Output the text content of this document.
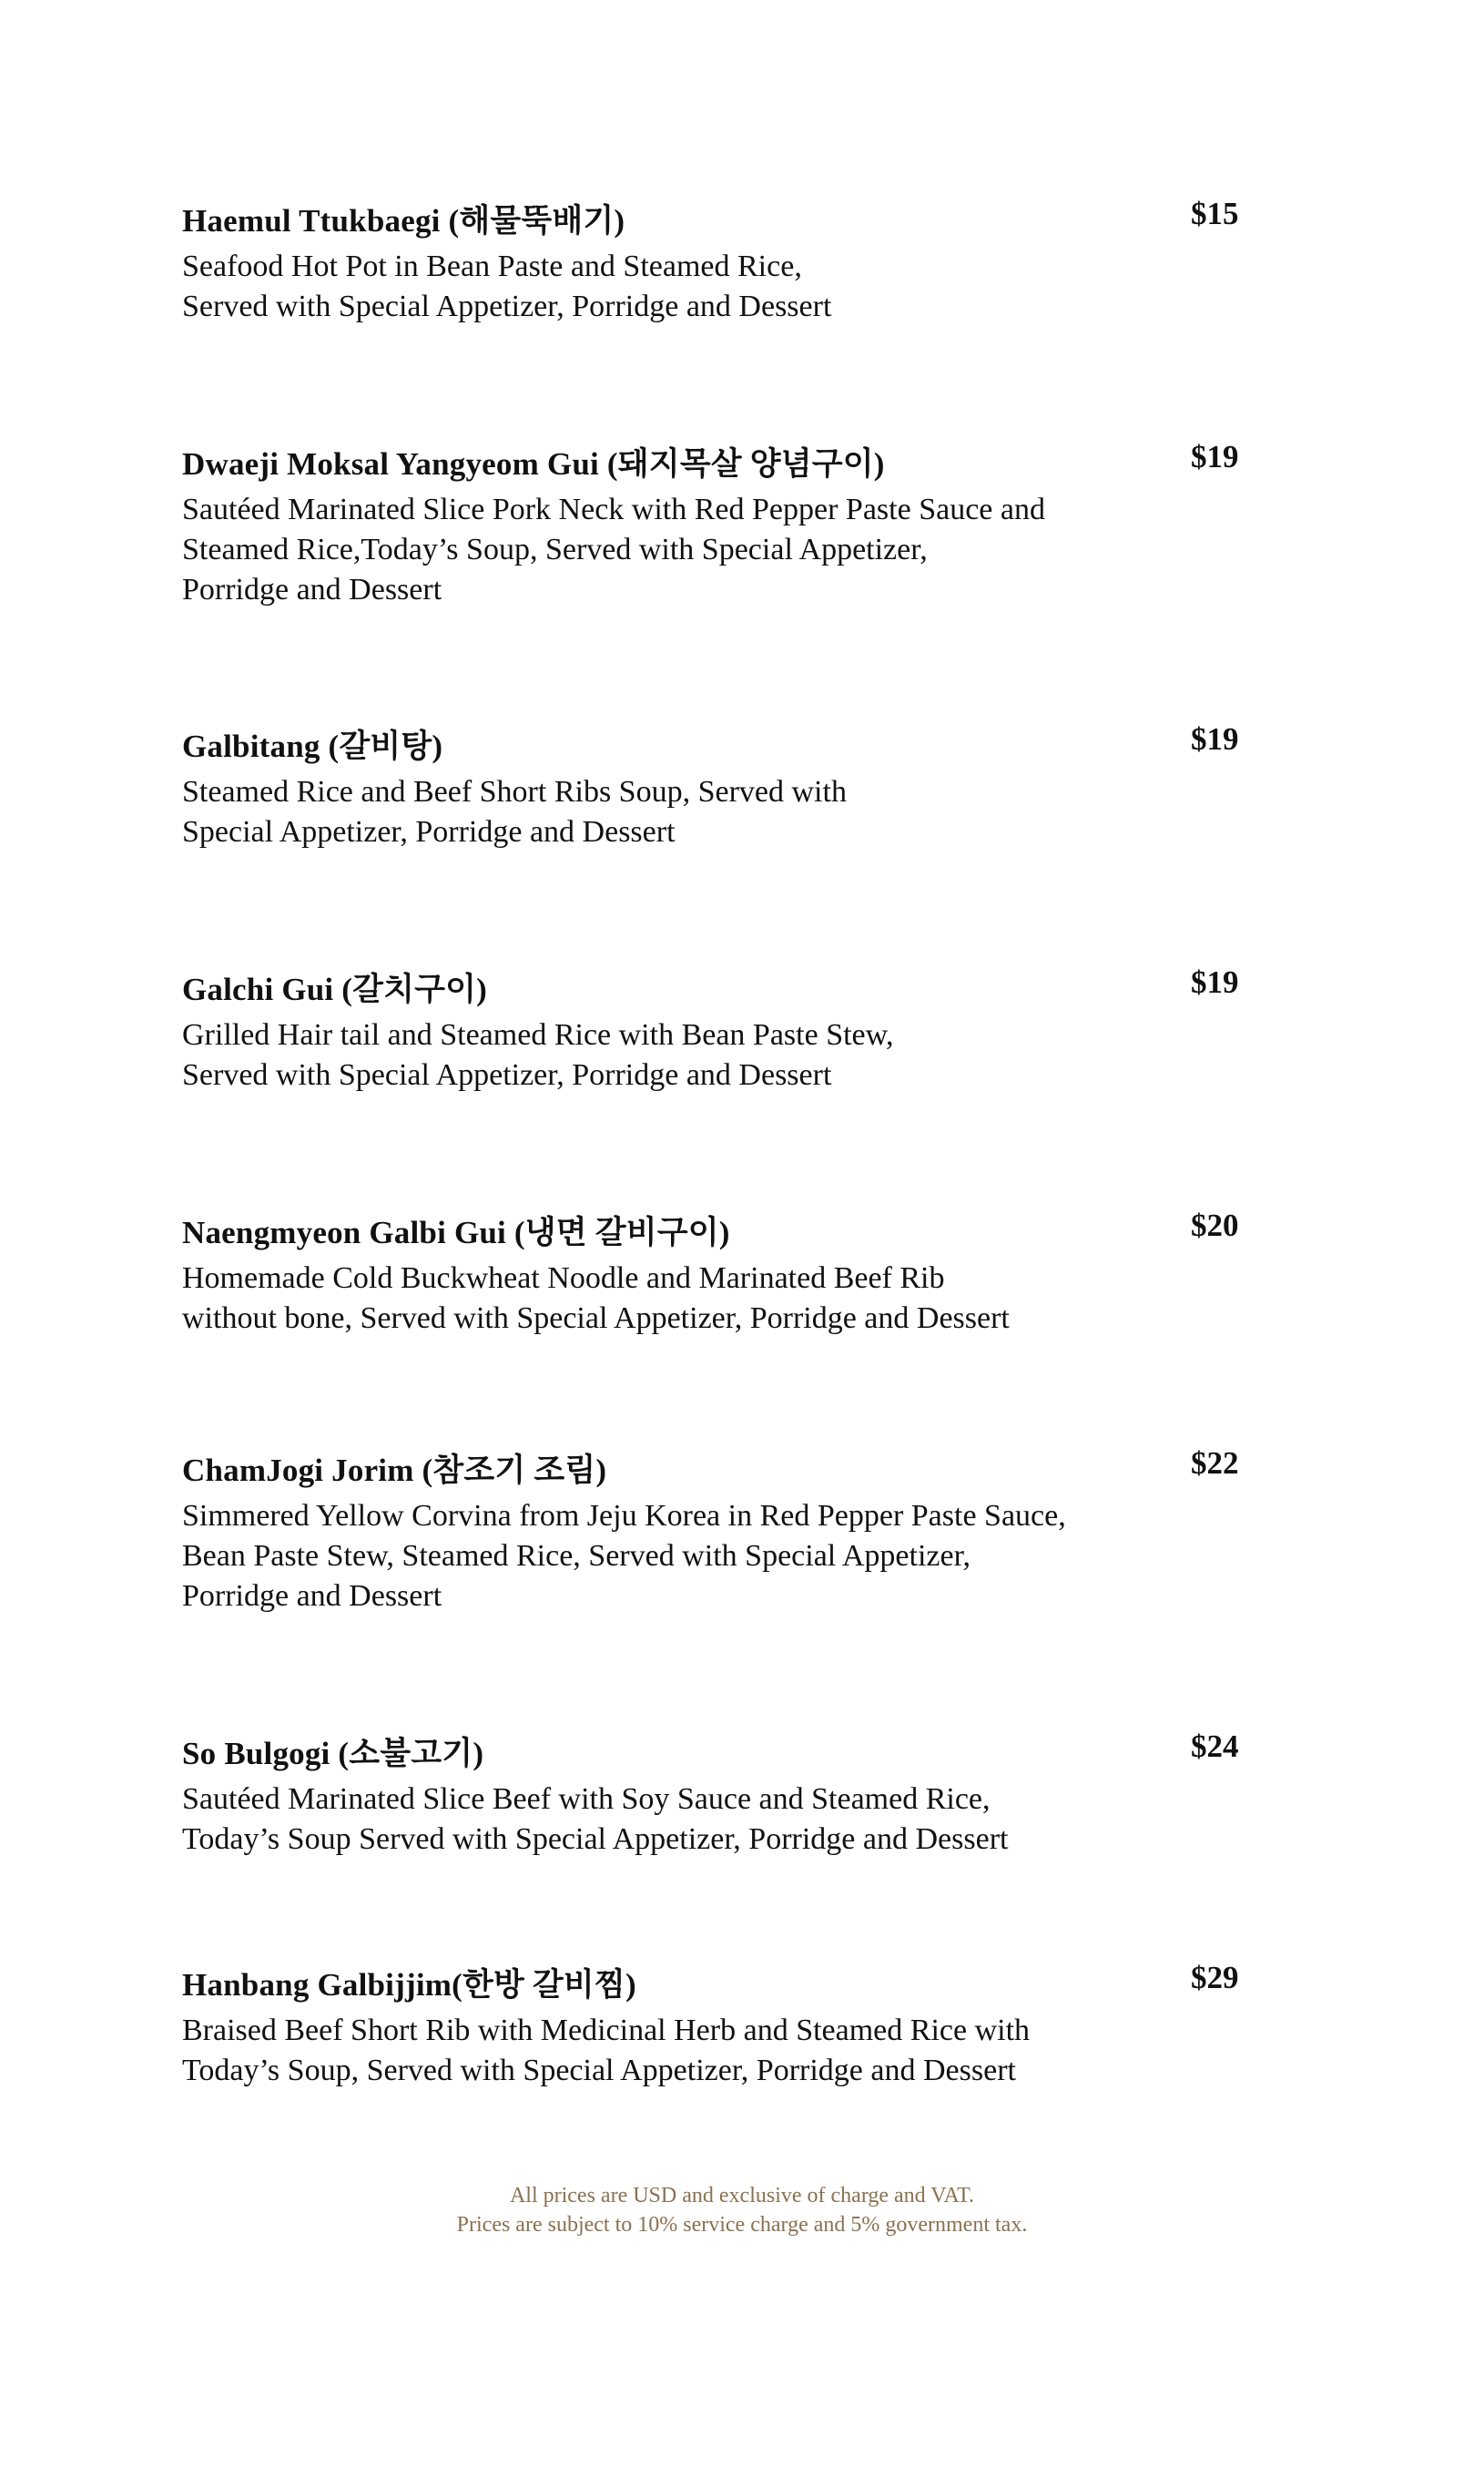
Haemul Ttukbaegi (해물뚝배기)	$15
Seafood Hot Pot in Bean Paste and Steamed Rice,
Served with Special Appetizer, Porridge and Dessert
Dwaeji Moksal Yangyeom Gui (돼지목살 양념구이)	$19
Sautéed Marinated Slice Pork Neck with Red Pepper Paste Sauce and
Steamed Rice,Today’s Soup, Served with Special Appetizer,
Porridge and Dessert
Galbitang (갈비탕)	$19
Steamed Rice and Beef Short Ribs Soup, Served with
Special Appetizer, Porridge and Dessert
Galchi Gui (갈치구이)	$19
Grilled Hair tail and Steamed Rice with Bean Paste Stew,
Served with Special Appetizer, Porridge and Dessert
Naengmyeon Galbi Gui (냉면 갈비구이)	$20
Homemade Cold Buckwheat Noodle and Marinated Beef Rib
without bone, Served with Special Appetizer, Porridge and Dessert
ChamJogi Jorim (참조기 조림)	$22
Simmered Yellow Corvina from Jeju Korea in Red Pepper Paste Sauce,
Bean Paste Stew, Steamed Rice, Served with Special Appetizer,
Porridge and Dessert
So Bulgogi (소불고기)	$24
Sautéed Marinated Slice Beef with Soy Sauce and Steamed Rice,
Today’s Soup Served with Special Appetizer, Porridge and Dessert
Hanbang Galbijjim(한방 갈비찜)	$29
Braised Beef Short Rib with Medicinal Herb and Steamed Rice with
Today’s Soup, Served with Special Appetizer, Porridge and Dessert
All prices are USD and exclusive of charge and VAT.
Prices are subject to 10% service charge and 5% government tax.
